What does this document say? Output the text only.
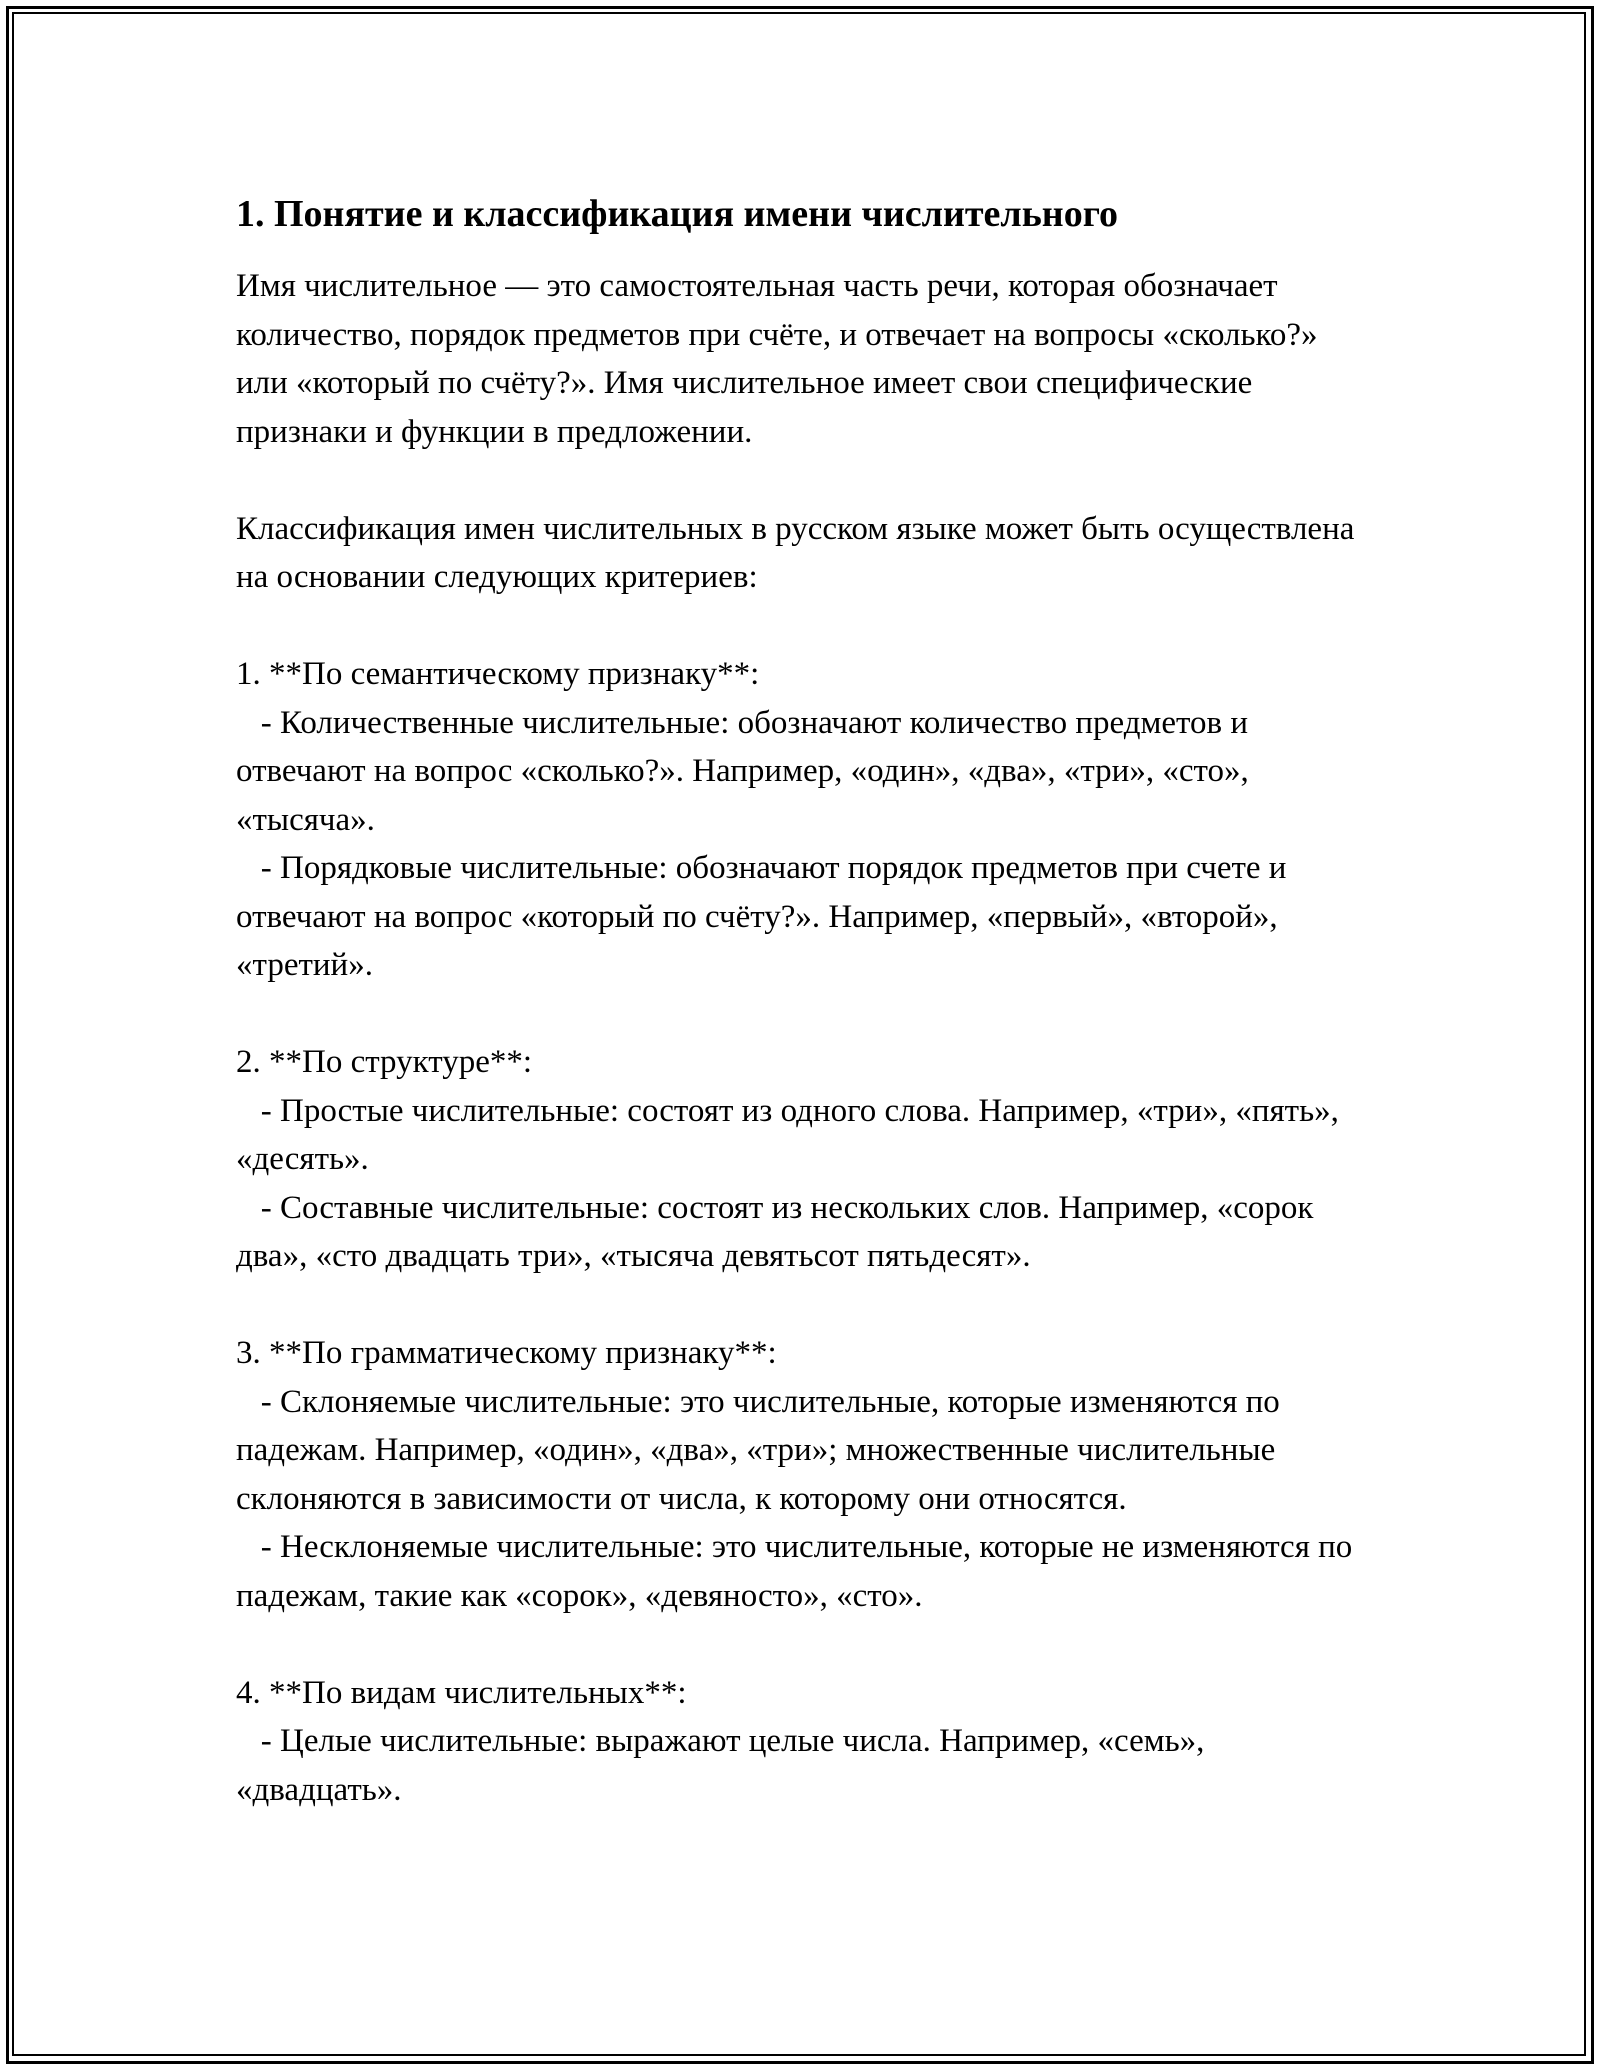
1. Понятие и классификация имени числительного

Имя числительное — это самостоятельная часть речи, которая обозначает количество, порядок предметов при счёте, и отвечает на вопросы «сколько?» или «который по счёту?». Имя числительное имеет свои специфические признаки и функции в предложении.

Классификация имен числительных в русском языке может быть осуществлена на основании следующих критериев:

1. **По семантическому признаку**:

- Количественные числительные: обозначают количество предметов и отвечают на вопрос «сколько?». Например, «один», «два», «три», «сто», «тысяча».

- Порядковые числительные: обозначают порядок предметов при счете и отвечают на вопрос «который по счёту?». Например, «первый», «второй», «третий».

2. **По структуре**:

- Простые числительные: состоят из одного слова. Например, «три», «пять», «десять».

- Составные числительные: состоят из нескольких слов. Например, «сорок два», «сто двадцать три», «тысяча девятьсот пятьдесят».

3. **По грамматическому признаку**:

- Склоняемые числительные: это числительные, которые изменяются по падежам. Например, «один», «два», «три»; множественные числительные склоняются в зависимости от числа, к которому они относятся.

- Несклоняемые числительные: это числительные, которые не изменяются по падежам, такие как «сорок», «девяносто», «сто».

4. **По видам числительных**:

- Целые числительные: выражают целые числа. Например, «семь», «двадцать».
